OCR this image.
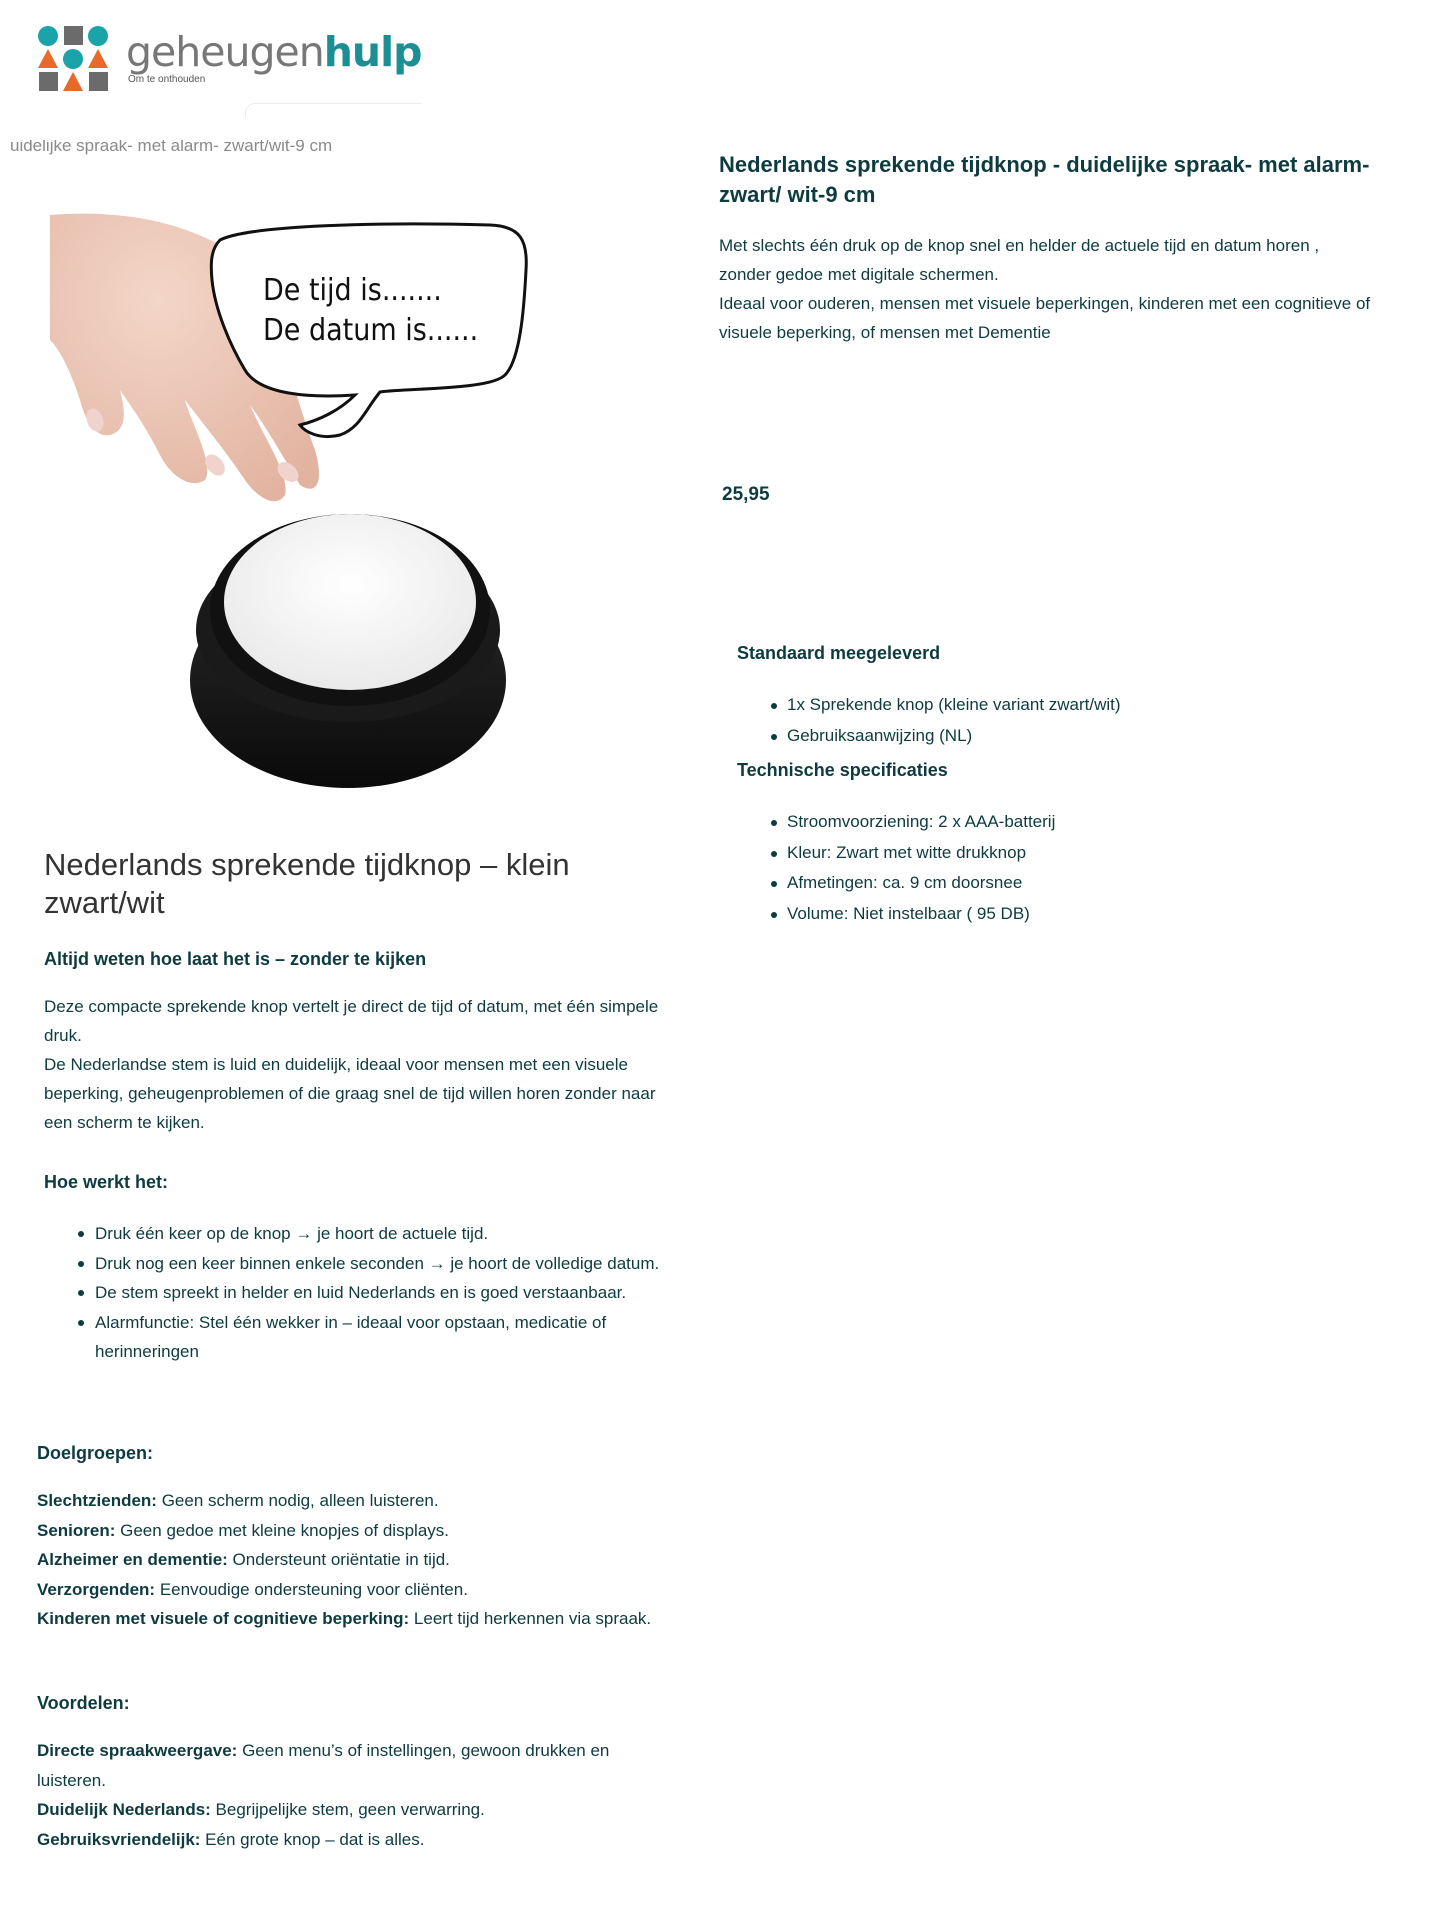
geheugenhulp
Om te onthouden
uidelijke spraak- met alarm- zwart/wit-9 cm
De tijd is.......
De datum is......
Nederlands sprekende tijdknop - duidelijke spraak- met alarm- zwart/ wit-9 cm
Met slechts één druk op de knop snel en helder de actuele tijd en datum horen ,
zonder gedoe met digitale schermen.
Ideaal voor ouderen, mensen met visuele beperkingen, kinderen met een cognitieve of visuele beperking, of mensen met Dementie
25,95
Standaard meegeleverd
1x Sprekende knop (kleine variant zwart/wit)
Gebruiksaanwijzing (NL)
Technische specificaties
Stroomvoorziening: 2 x AAA-batterij
Kleur: Zwart met witte drukknop
Afmetingen: ca. 9 cm doorsnee
Volume: Niet instelbaar ( 95 DB)
Nederlands sprekende tijdknop – klein zwart/wit
Altijd weten hoe laat het is – zonder te kijken
Deze compacte sprekende knop vertelt je direct de tijd of datum, met één simpele druk.
De Nederlandse stem is luid en duidelijk, ideaal voor mensen met een visuele beperking, geheugenproblemen of die graag snel de tijd willen horen zonder naar een scherm te kijken.
Hoe werkt het:
Druk één keer op de knop → je hoort de actuele tijd.
Druk nog een keer binnen enkele seconden → je hoort de volledige datum.
De stem spreekt in helder en luid Nederlands en is goed verstaanbaar.
Alarmfunctie: Stel één wekker in – ideaal voor opstaan, medicatie of herinneringen
Doelgroepen:
Slechtzienden: Geen scherm nodig, alleen luisteren.
Senioren: Geen gedoe met kleine knopjes of displays.
Alzheimer en dementie: Ondersteunt oriëntatie in tijd.
Verzorgenden: Eenvoudige ondersteuning voor cliënten.
Kinderen met visuele of cognitieve beperking: Leert tijd herkennen via spraak.
Voordelen:
Directe spraakweergave: Geen menu’s of instellingen, gewoon drukken en luisteren.
Duidelijk Nederlands: Begrijpelijke stem, geen verwarring.
Gebruiksvriendelijk: Eén grote knop – dat is alles.
